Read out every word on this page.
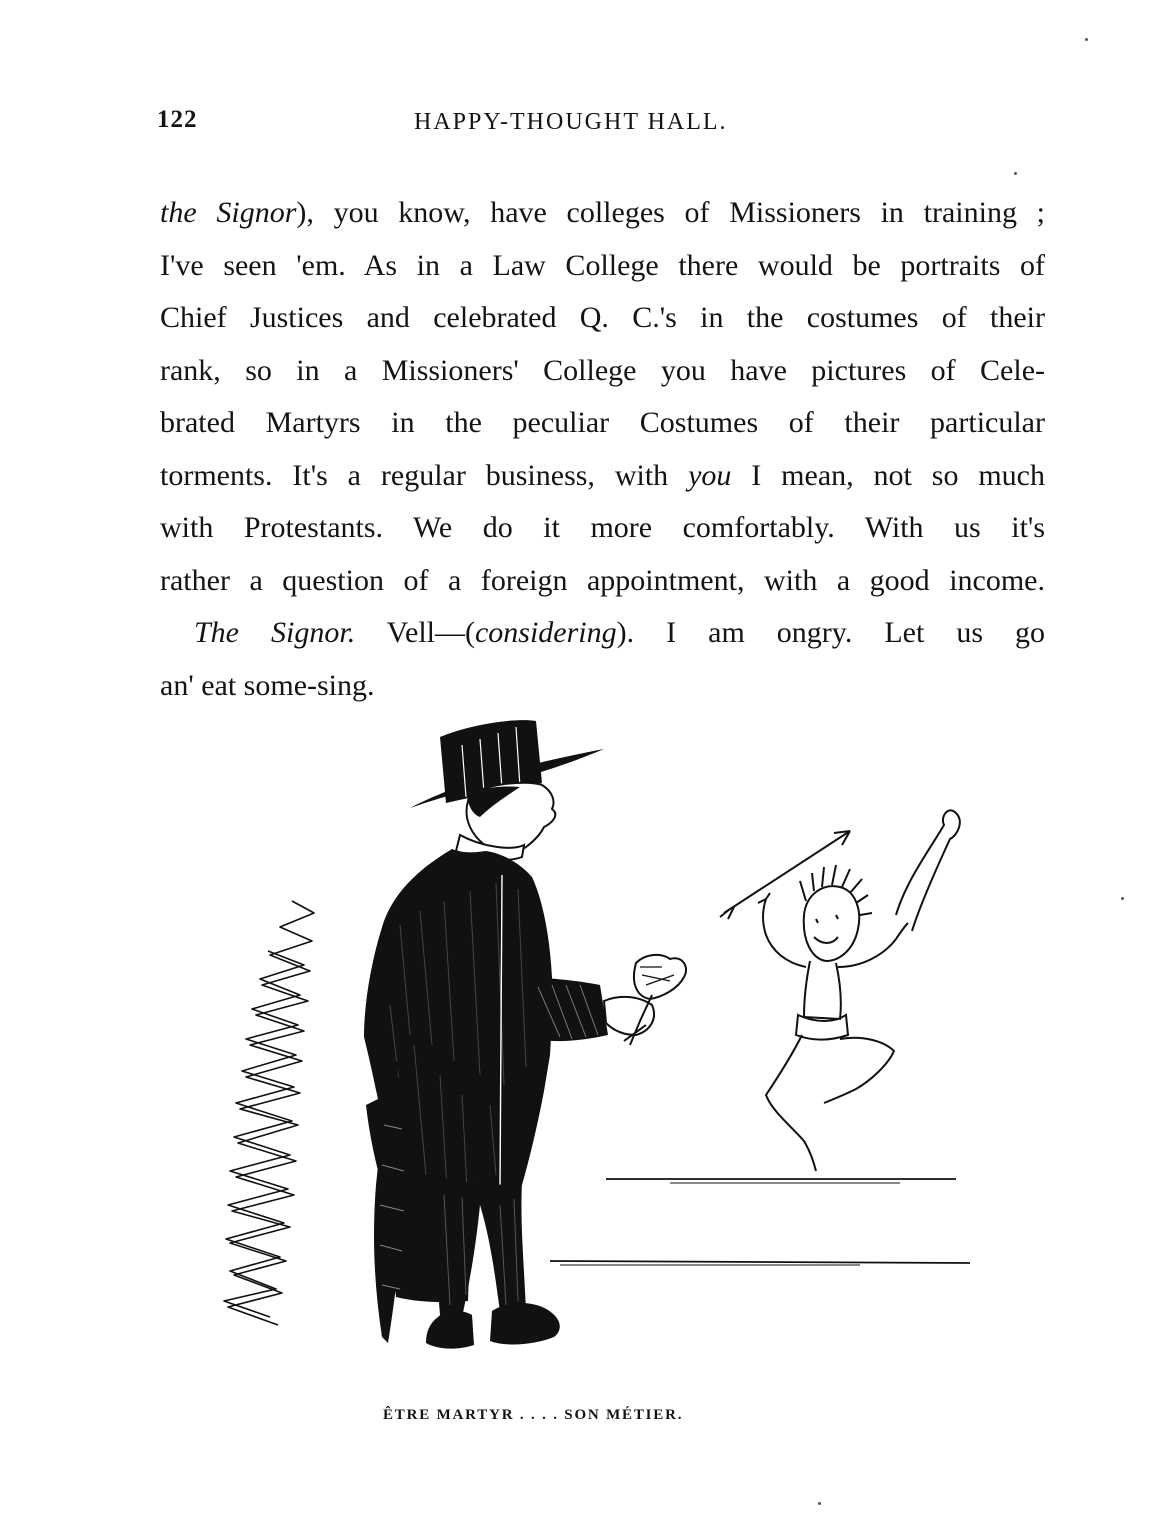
122	HAPPY-THOUGHT HALL.
the Signor), you know, have colleges of Missioners in training ;
I've seen 'em. As in a Law College there would be portraits of
Chief Justices and celebrated Q. C.'s in the costumes of their
rank, so in a Missioners' College you have pictures of Cele-
brated Martyrs in the peculiar Costumes of their particular
torments. It's a regular business, with you I mean, not so much
with Protestants. We do it more comfortably. With us it's
rather a question of a foreign appointment, with a good income.
The Signor. Vell—(considering). I am ongry. Let us go
an' eat some-sing.
ÊTRE MARTYR . . . . SON MÉTIER.
